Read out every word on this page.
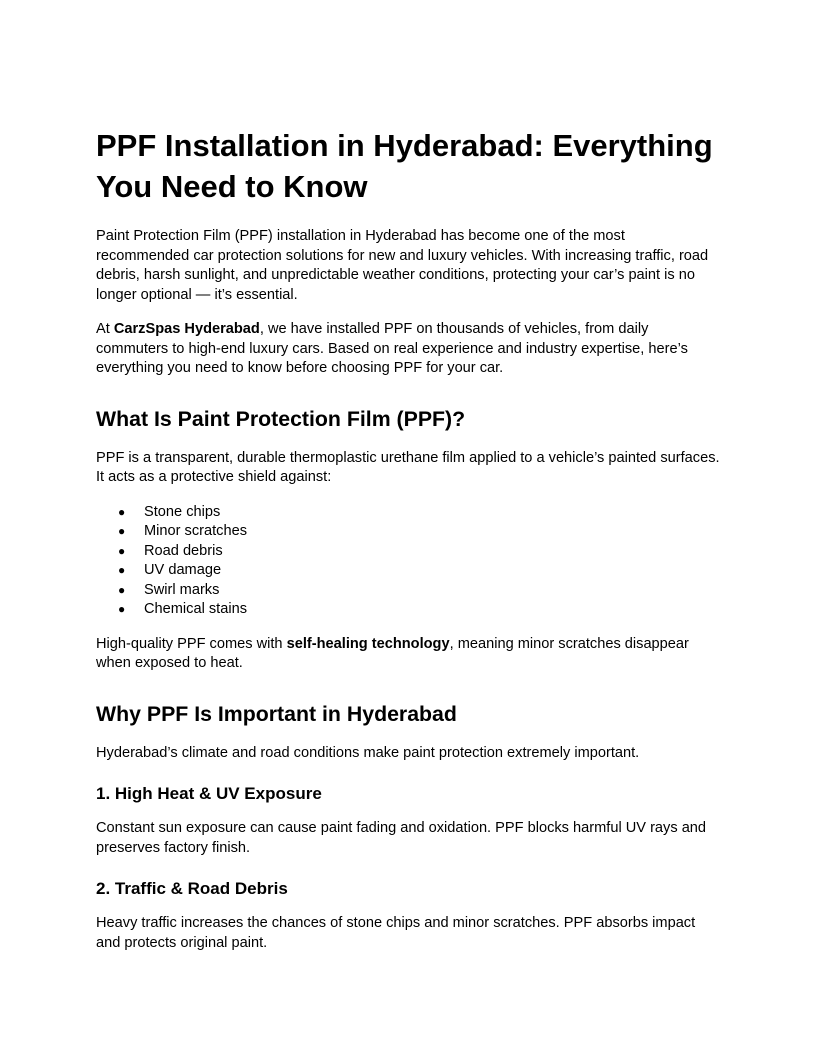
PPF Installation in Hyderabad: Everything You Need to Know

Paint Protection Film (PPF) installation in Hyderabad has become one of the most recommended car protection solutions for new and luxury vehicles. With increasing traffic, road debris, harsh sunlight, and unpredictable weather conditions, protecting your car’s paint is no longer optional — it’s essential.

At CarzSpas Hyderabad, we have installed PPF on thousands of vehicles, from daily commuters to high-end luxury cars. Based on real experience and industry expertise, here’s everything you need to know before choosing PPF for your car.

What Is Paint Protection Film (PPF)?

PPF is a transparent, durable thermoplastic urethane film applied to a vehicle’s painted surfaces. It acts as a protective shield against:

● Stone chips
● Minor scratches
● Road debris
● UV damage
● Swirl marks
● Chemical stains

High-quality PPF comes with self-healing technology, meaning minor scratches disappear when exposed to heat.

Why PPF Is Important in Hyderabad

Hyderabad’s climate and road conditions make paint protection extremely important.

1. High Heat & UV Exposure

Constant sun exposure can cause paint fading and oxidation. PPF blocks harmful UV rays and preserves factory finish.

2. Traffic & Road Debris

Heavy traffic increases the chances of stone chips and minor scratches. PPF absorbs impact and protects original paint.
